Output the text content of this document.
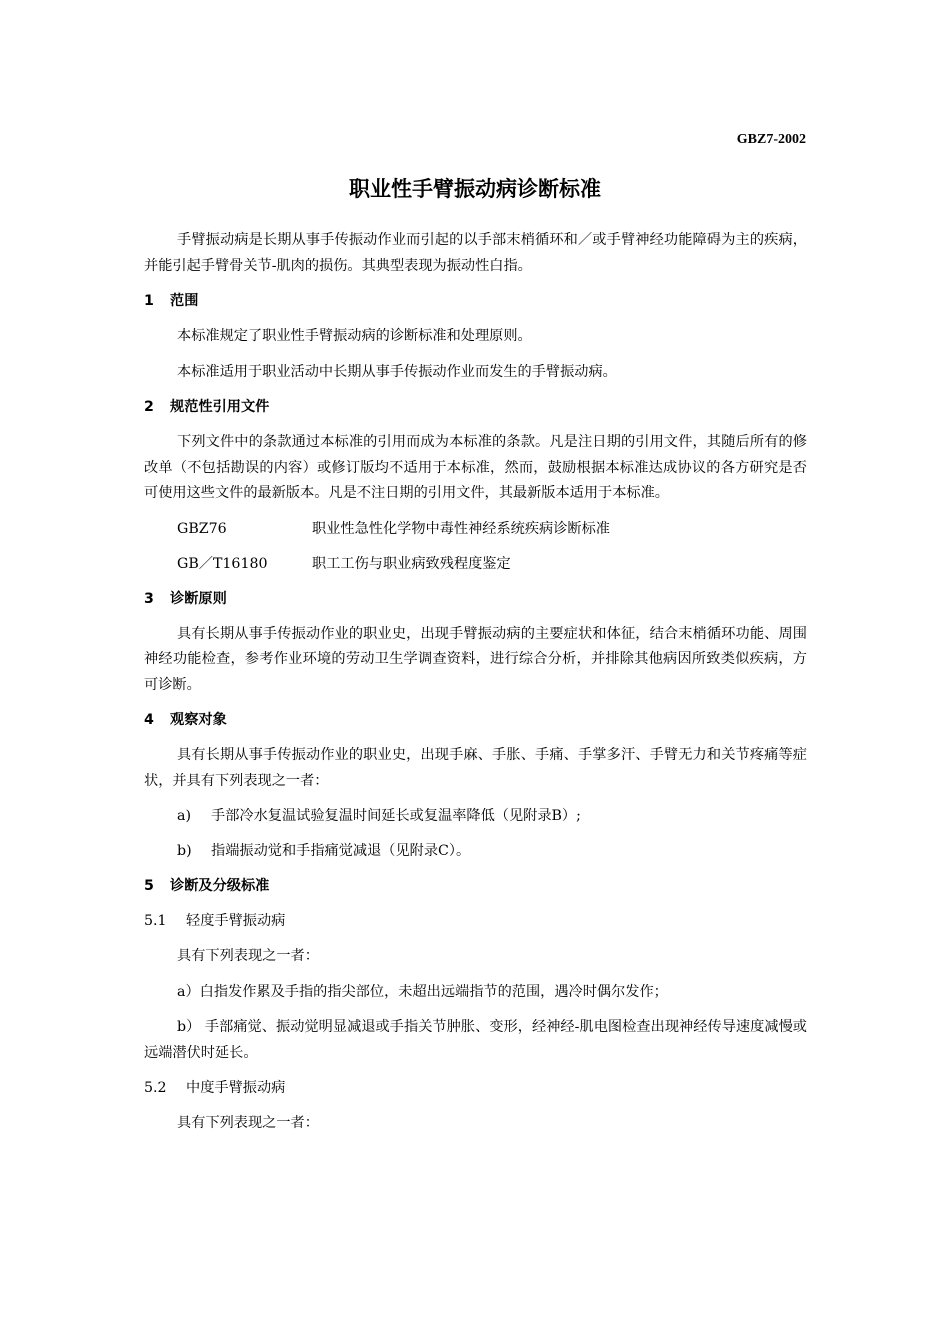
GBZ7-2002
职业性手臂振动病诊断标准

手臂振动病是长期从事手传振动作业而引起的以手部末梢循环和／或手臂神经功能障碍为主的疾病，并能引起手臂骨关节-肌肉的损伤。其典型表现为振动性白指。

1 范围

本标准规定了职业性手臂振动病的诊断标准和处理原则。

本标准适用于职业活动中长期从事手传振动作业而发生的手臂振动病。

2 规范性引用文件

下列文件中的条款通过本标准的引用而成为本标准的条款。凡是注日期的引用文件，其随后所有的修改单（不包括勘误的内容）或修订版均不适用于本标准，然而，鼓励根据本标准达成协议的各方研究是否可使用这些文件的最新版本。凡是不注日期的引用文件，其最新版本适用于本标准。

GBZ76	职业性急性化学物中毒性神经系统疾病诊断标准

GB／T16180	职工工伤与职业病致残程度鉴定

3 诊断原则

具有长期从事手传振动作业的职业史，出现手臂振动病的主要症状和体征，结合末梢循环功能、周围神经功能检查，参考作业环境的劳动卫生学调查资料，进行综合分析，并排除其他病因所致类似疾病，方可诊断。

4 观察对象

具有长期从事手传振动作业的职业史，出现手麻、手胀、手痛、手掌多汗、手臂无力和关节疼痛等症状，并具有下列表现之一者：

a) 手部冷水复温试验复温时间延长或复温率降低（见附录B）;

b) 指端振动觉和手指痛觉减退（见附录C）。

5 诊断及分级标准

5.1 轻度手臂振动病

具有下列表现之一者：

a）白指发作累及手指的指尖部位，未超出远端指节的范围，遇冷时偶尔发作；

b） 手部痛觉、振动觉明显减退或手指关节肿胀、变形，经神经-肌电图检查出现神经传导速度减慢或远端潜伏时延长。

5.2 中度手臂振动病

具有下列表现之一者：
